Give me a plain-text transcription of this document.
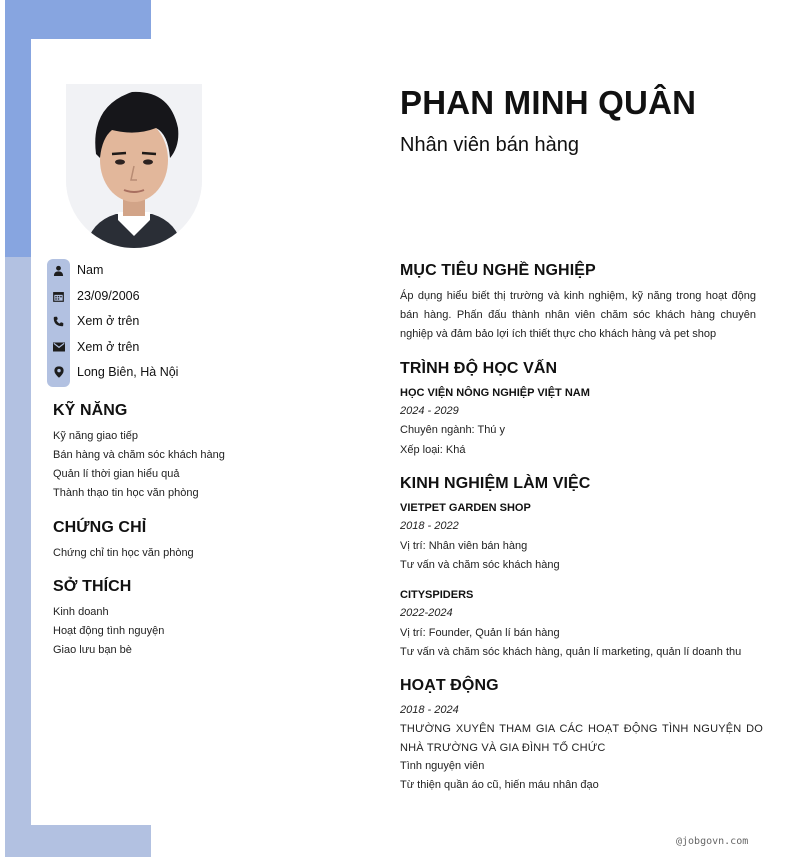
Nam
23/09/2006
Xem ở trên
Xem ở trên
Long Biên, Hà Nội
KỸ NĂNG
Kỹ năng giao tiếp
Bán hàng và chăm sóc khách hàng
Quản lí thời gian hiểu quả
Thành thạo tin học văn phòng
CHỨNG CHỈ
Chứng chỉ tin học văn phòng
SỞ THÍCH
Kinh doanh
Hoạt động tình nguyện
Giao lưu bạn bè
PHAN MINH QUÂN
Nhân viên bán hàng
MỤC TIÊU NGHỀ NGHIỆP
Áp dụng hiểu biết thị trường và kinh nghiệm, kỹ năng trong hoạt động bán hàng. Phấn đấu thành nhân viên chăm sóc khách hàng chuyên nghiệp và đảm bảo lợi ích thiết thực cho khách hàng và pet shop
TRÌNH ĐỘ HỌC VẤN
HỌC VIỆN NÔNG NGHIỆP VIỆT NAM
2024 - 2029
Chuyên ngành: Thú y
Xếp loại: Khá
KINH NGHIỆM LÀM VIỆC
VIETPET GARDEN SHOP
2018 - 2022
Vị trí: Nhân viên bán hàng
Tư vấn và chăm sóc khách hàng
CITYSPIDERS
2022-2024
Vị trí: Founder, Quản lí bán hàng
Tư vấn và chăm sóc khách hàng, quản lí marketing, quản lí doanh thu
HOẠT ĐỘNG
2018 - 2024
THƯỜNG XUYÊN THAM GIA CÁC HOẠT ĐỘNG TÌNH NGUYỆN DO NHÀ TRƯỜNG VÀ GIA ĐÌNH TỔ CHỨC
Tình nguyện viên
Từ thiện quần áo cũ, hiến máu nhân đạo
@jobgovn.com
